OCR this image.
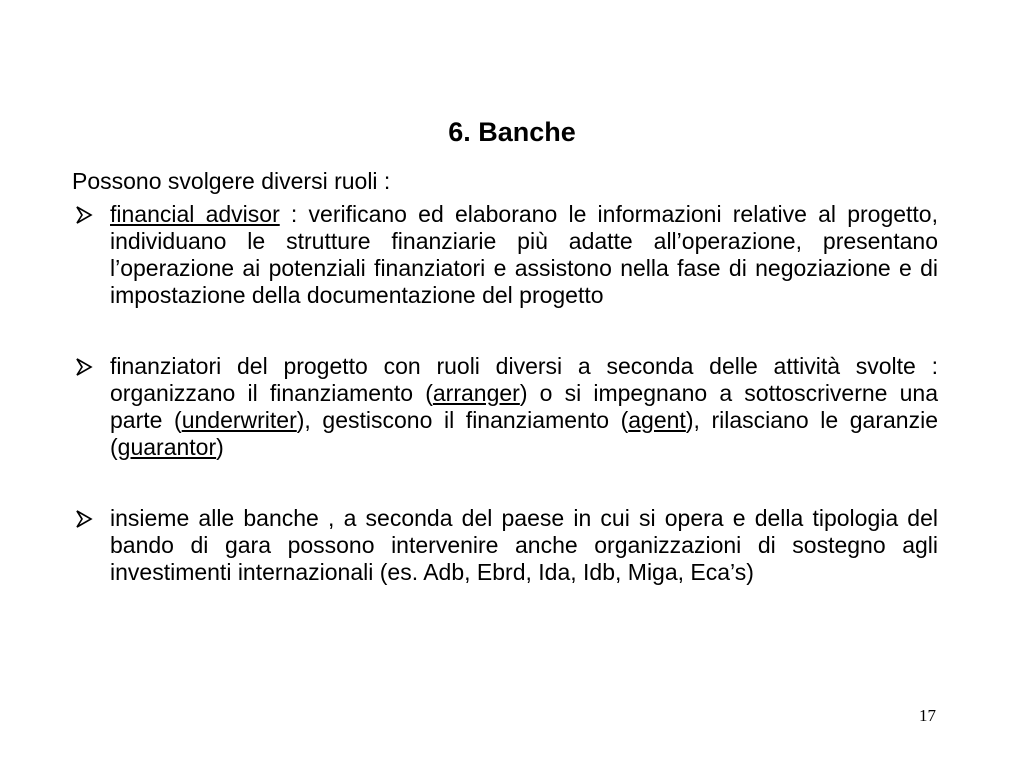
6. Banche

Possono svolgere diversi ruoli :

financial advisor : verificano ed elaborano le informazioni relative al progetto, individuano le strutture finanziarie più adatte all’operazione, presentano l’operazione ai potenziali finanziatori e assistono nella fase di negoziazione e di impostazione della documentazione del progetto

finanziatori del progetto con ruoli diversi a seconda delle attività svolte : organizzano il finanziamento (arranger) o si impegnano a sottoscriverne una parte (underwriter), gestiscono il finanziamento (agent), rilasciano le garanzie (guarantor)

insieme alle banche , a seconda del paese in cui si opera e della tipologia del bando di gara possono intervenire anche organizzazioni di sostegno agli investimenti internazionali (es. Adb, Ebrd, Ida, Idb, Miga, Eca’s)

17
